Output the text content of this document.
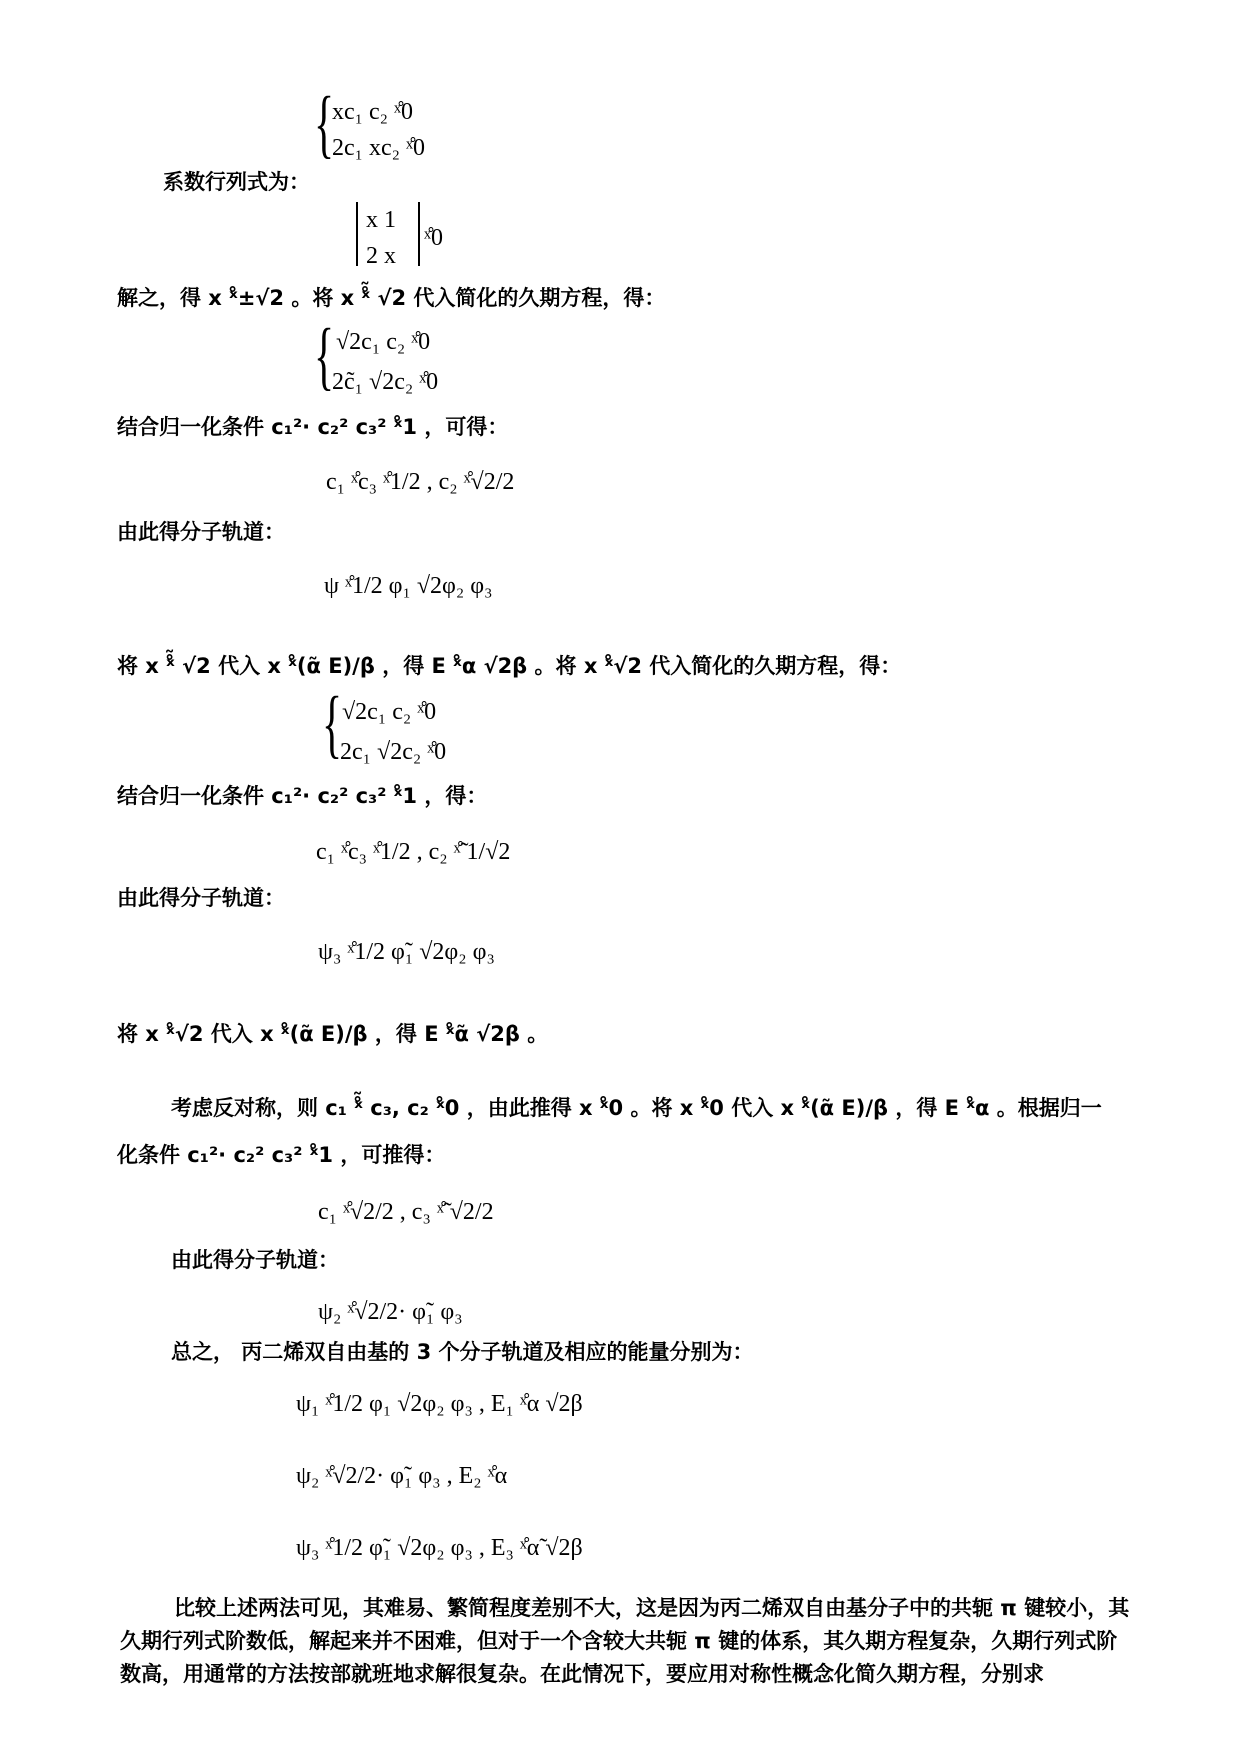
{
xc₁ c₂ ˣ̊0
2c₁ xc₂ ˣ̊0
系数行列式为：
x 1
2 x
ˣ̊0
解之，得 x ˣ̊±√2 。将 x ˣ̊̃ √2 代入简化的久期方程，得：
{ √2c₁ c₂ ˣ̊0
2c̃₁ √2c₂ ˣ̊0
结合归一化条件 c₁²· c₂² c₃² ˣ̊1 ，可得：
c₁ ˣ̊c₃ ˣ̊1/2 , c₂ ˣ̊√2/2
由此得分子轨道：
ψ ˣ̊1/2 φ₁ √2φ₂ φ₃
将 x ˣ̊̃ √2 代入 x ˣ̊(α̃ E)/β ，得 E ˣ̊α √2β 。将 x ˣ̊√2 代入简化的久期方程，得：
{ √2c₁ c₂ ˣ̊0
2c₁ √2c₂ ˣ̊0
结合归一化条件 c₁²· c₂² c₃² ˣ̊1 ，得：
c₁ ˣ̊c₃ ˣ̊1/2 , c₂ ˣ̊̃ 1/√2
由此得分子轨道：
ψ₃ ˣ̊1/2 φ̃₁ √2φ₂ φ₃
将 x ˣ̊√2 代入 x ˣ̊(α̃ E)/β ，得 E ˣ̊α̃ √2β 。
考虑反对称，则 c₁ ˣ̊̃ c₃, c₂ ˣ̊0 ，由此推得 x ˣ̊0 。将 x ˣ̊0 代入 x ˣ̊(α̃ E)/β ，得 E ˣ̊α 。根据归一
化条件 c₁²· c₂² c₃² ˣ̊1 ，可推得：
c₁ ˣ̊√2/2 , c₃ ˣ̊̃ √2/2
由此得分子轨道：
ψ₂ ˣ̊√2/2· φ̃₁ φ₃
总之， 丙二烯双自由基的 3 个分子轨道及相应的能量分别为：
ψ₁ ˣ̊1/2 φ₁ √2φ₂ φ₃ , E₁ ˣ̊α √2β
ψ₂ ˣ̊√2/2· φ̃₁ φ₃ , E₂ ˣ̊α
ψ₃ ˣ̊1/2 φ̃₁ √2φ₂ φ₃ , E₃ ˣ̊α̃ √2β

比较上述两法可见，其难易、繁简程度差别不大，这是因为丙二烯双自由基分子中的共轭 π 键较小，其久期行列式阶数低，解起来并不困难，但对于一个含较大共轭 π 键的体系，其久期方程复杂，久期行列式阶数高，用通常的方法按部就班地求解很复杂。在此情况下，要应用对称性概念化简久期方程，分别求
